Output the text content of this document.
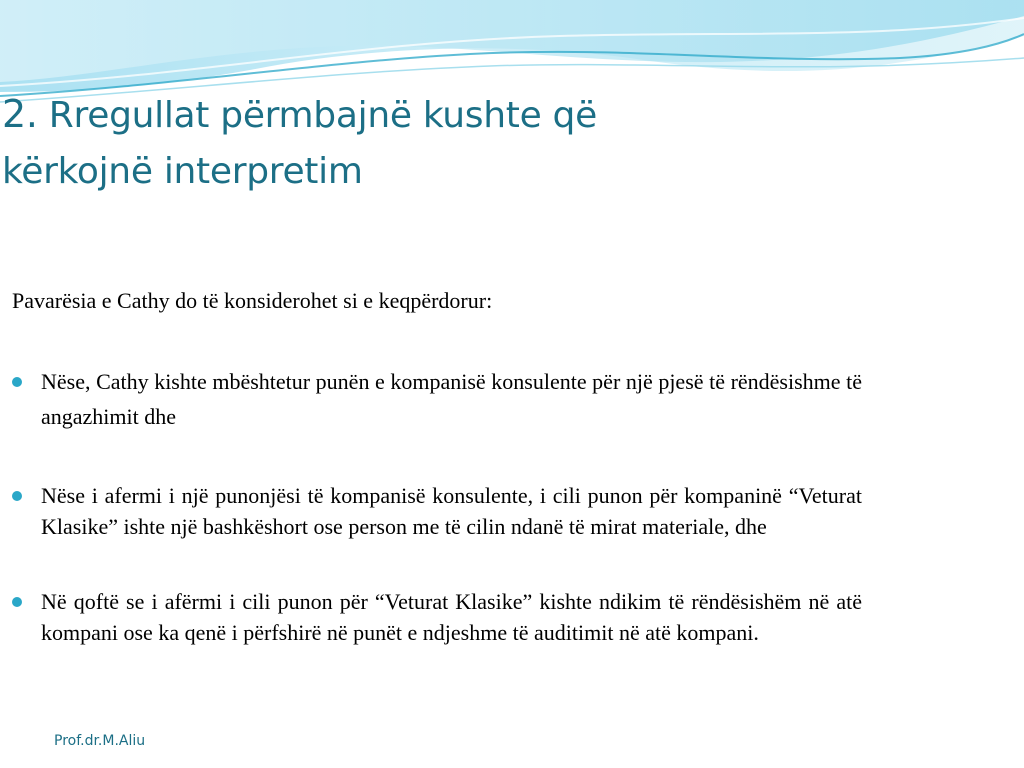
2. Rregullat përmbajnë kushte që
kërkojnë interpretim

Pavarësia e Cathy do të konsiderohet si e keqpërdorur:

Nëse, Cathy kishte mbështetur punën e kompanisë konsulente për një pjesë të rëndësishme të angazhimit dhe
Nëse i afermi i një punonjësi të kompanisë konsulente, i cili punon për kompaninë “Veturat Klasike” ishte një bashkëshort ose person me të cilin ndanë të mirat materiale, dhe
Në qoftë se i afërmi i cili punon për “Veturat Klasike” kishte ndikim të rëndësishëm në atë kompani ose ka qenë i përfshirë në punët e ndjeshme të auditimit në atë kompani.
Prof.dr.M.Aliu
